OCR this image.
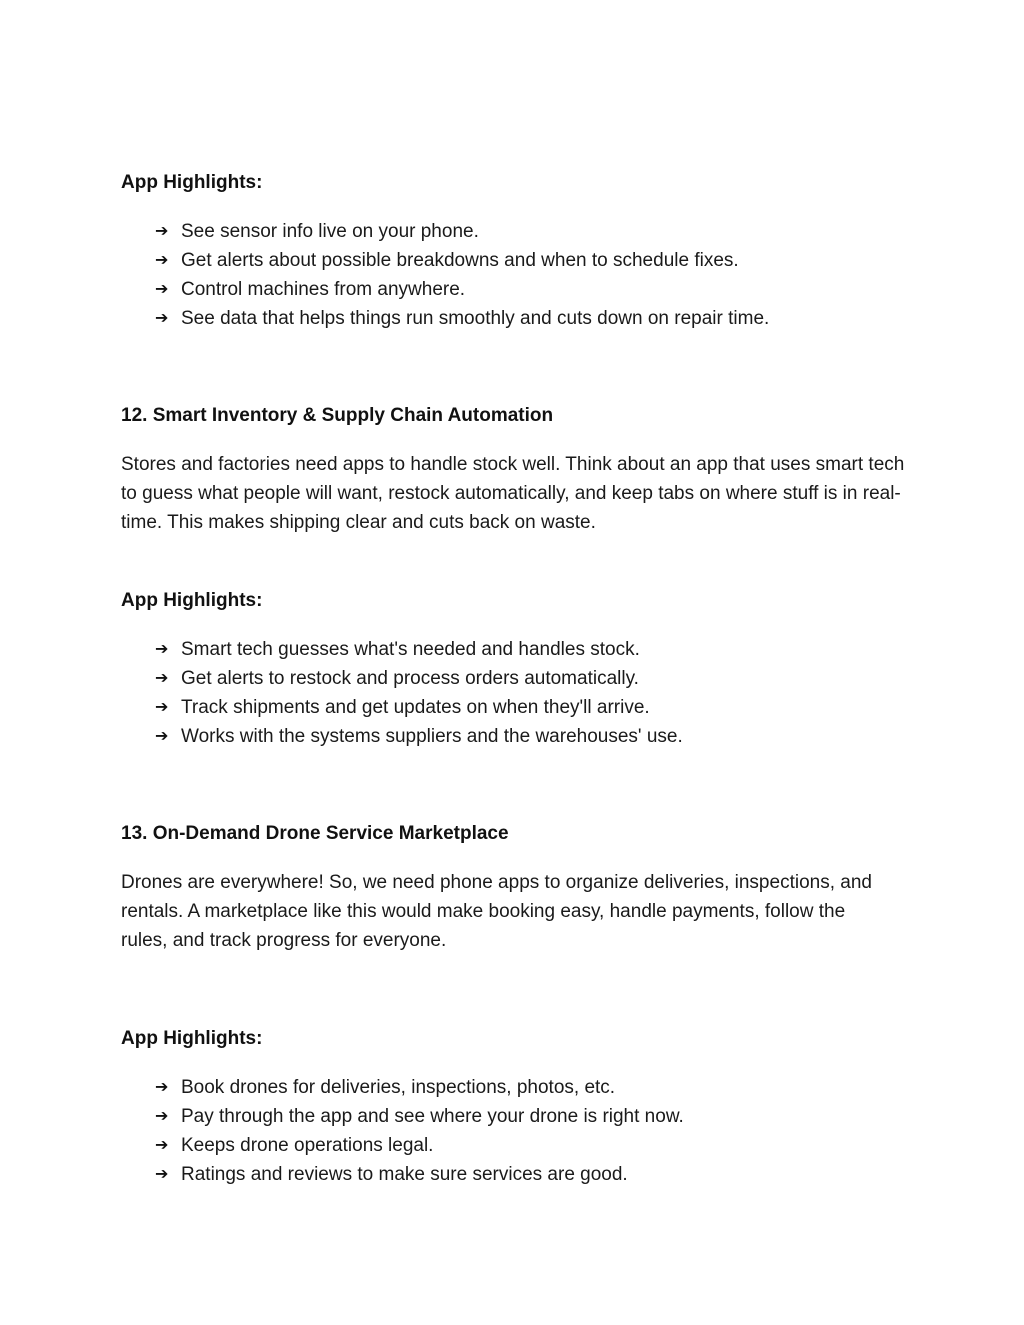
App Highlights:
➔ See sensor info live on your phone.
➔ Get alerts about possible breakdowns and when to schedule fixes.
➔ Control machines from anywhere.
➔ See data that helps things run smoothly and cuts down on repair time.
12. Smart Inventory & Supply Chain Automation
Stores and factories need apps to handle stock well. Think about an app that uses smart tech to guess what people will want, restock automatically, and keep tabs on where stuff is in real-time. This makes shipping clear and cuts back on waste.
App Highlights:
➔ Smart tech guesses what's needed and handles stock.
➔ Get alerts to restock and process orders automatically.
➔ Track shipments and get updates on when they'll arrive.
➔ Works with the systems suppliers and the warehouses' use.
13. On-Demand Drone Service Marketplace
Drones are everywhere! So, we need phone apps to organize deliveries, inspections, and rentals. A marketplace like this would make booking easy, handle payments, follow the rules, and track progress for everyone.
App Highlights:
➔ Book drones for deliveries, inspections, photos, etc.
➔ Pay through the app and see where your drone is right now.
➔ Keeps drone operations legal.
➔ Ratings and reviews to make sure services are good.
